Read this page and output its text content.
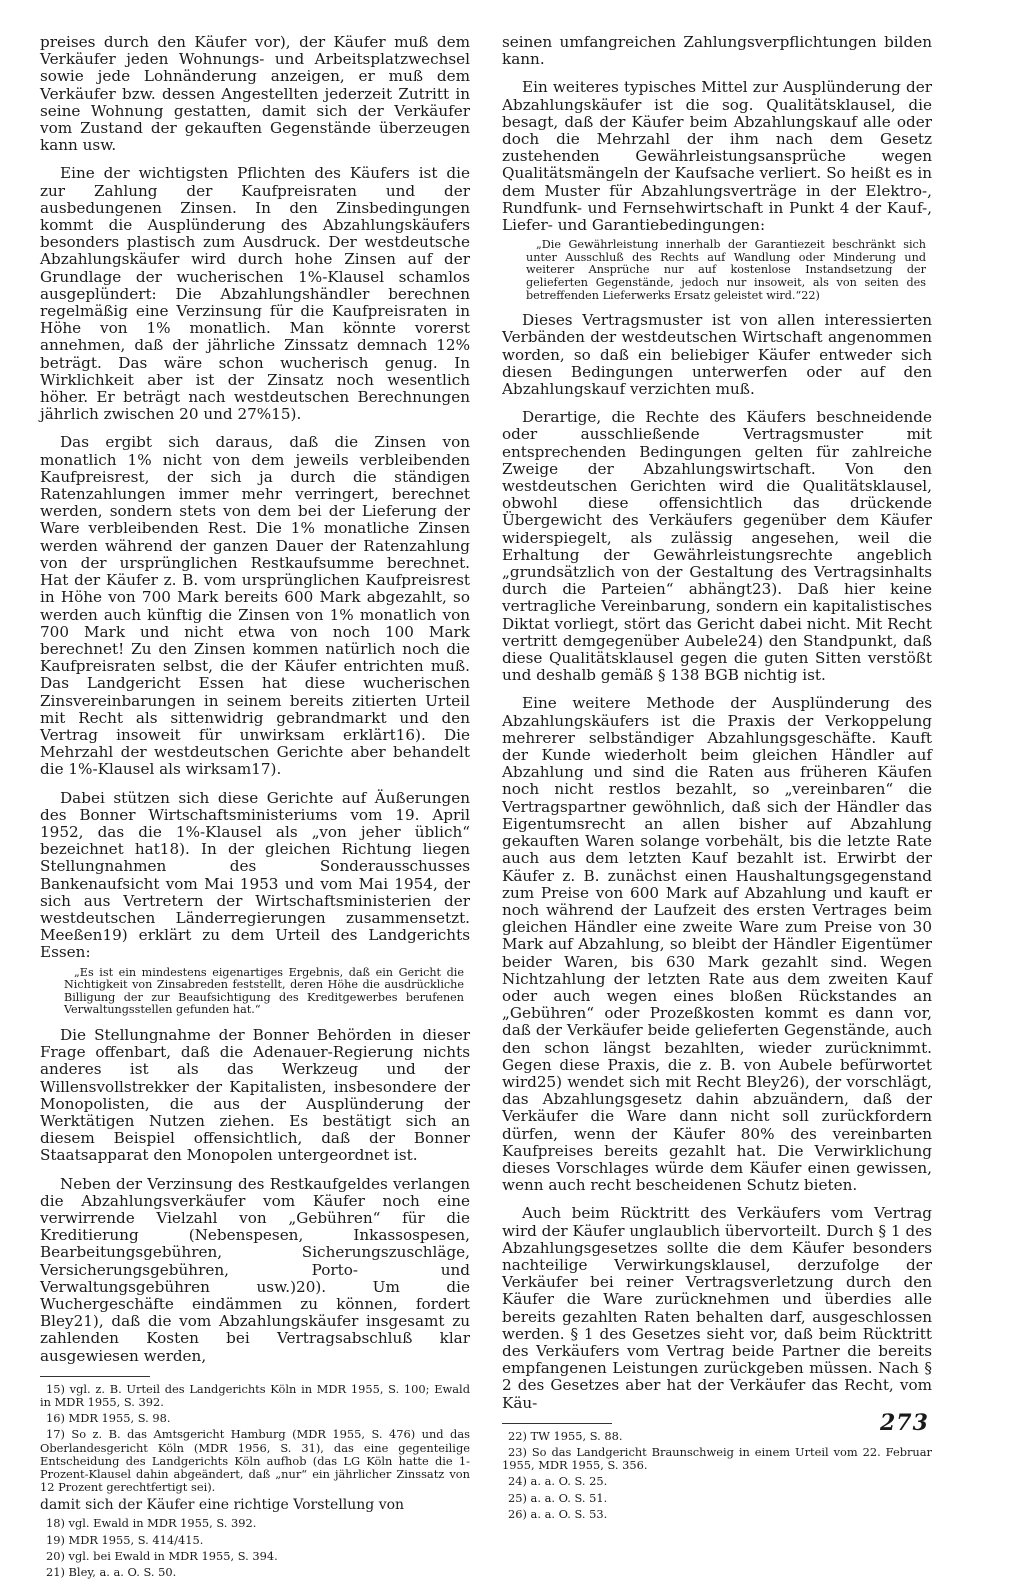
preises durch den Käufer vor), der Käufer muß dem Verkäufer jeden Wohnungs- und Arbeitsplatzwechsel sowie jede Lohnänderung anzeigen, er muß dem Verkäufer bzw. dessen Angestellten jederzeit Zutritt in seine Wohnung gestatten, damit sich der Verkäufer vom Zustand der gekauften Gegenstände überzeugen kann usw.

Eine der wichtigsten Pflichten des Käufers ist die zur Zahlung der Kaufpreisraten und der ausbedungenen Zinsen. In den Zinsbedingungen kommt die Ausplünderung des Abzahlungskäufers besonders plastisch zum Ausdruck. Der westdeutsche Abzahlungskäufer wird durch hohe Zinsen auf der Grundlage der wucherischen 1%-Klausel schamlos ausgeplündert: Die Abzahlungshändler berechnen regelmäßig eine Verzinsung für die Kaufpreisraten in Höhe von 1% monatlich. Man könnte vorerst annehmen, daß der jährliche Zinssatz demnach 12% beträgt. Das wäre schon wucherisch genug. In Wirklichkeit aber ist der Zinsatz noch wesentlich höher. Er beträgt nach westdeutschen Berechnungen jährlich zwischen 20 und 27%15).

Das ergibt sich daraus, daß die Zinsen von monatlich 1% nicht von dem jeweils verbleibenden Kaufpreisrest, der sich ja durch die ständigen Ratenzahlungen immer mehr verringert, berechnet werden, sondern stets von dem bei der Lieferung der Ware verbleibenden Rest. Die 1% monatliche Zinsen werden während der ganzen Dauer der Ratenzahlung von der ursprünglichen Restkaufsumme berechnet. Hat der Käufer z. B. vom ursprünglichen Kaufpreisrest in Höhe von 700 Mark bereits 600 Mark abgezahlt, so werden auch künftig die Zinsen von 1% monatlich von 700 Mark und nicht etwa von noch 100 Mark berechnet! Zu den Zinsen kommen natürlich noch die Kaufpreisraten selbst, die der Käufer entrichten muß. Das Landgericht Essen hat diese wucherischen Zinsvereinbarungen in seinem bereits zitierten Urteil mit Recht als sittenwidrig gebrandmarkt und den Vertrag insoweit für unwirksam erklärt16). Die Mehrzahl der westdeutschen Gerichte aber behandelt die 1%-Klausel als wirksam17).

Dabei stützen sich diese Gerichte auf Äußerungen des Bonner Wirtschaftsministeriums vom 19. April 1952, das die 1%-Klausel als „von jeher üblich“ bezeichnet hat18). In der gleichen Richtung liegen Stellungnahmen des Sonderausschusses Bankenaufsicht vom Mai 1953 und vom Mai 1954, der sich aus Vertretern der Wirtschaftsministerien der westdeutschen Länderregierungen zusammensetzt. Meeßen19) erklärt zu dem Urteil des Landgerichts Essen:

„Es ist ein mindestens eigenartiges Ergebnis, daß ein Gericht die Nichtigkeit von Zinsabreden feststellt, deren Höhe die ausdrückliche Billigung der zur Beaufsichtigung des Kreditgewerbes berufenen Verwaltungsstellen gefunden hat.“

Die Stellungnahme der Bonner Behörden in dieser Frage offenbart, daß die Adenauer-Regierung nichts anderes ist als das Werkzeug und der Willensvollstrekker der Kapitalisten, insbesondere der Monopolisten, die aus der Ausplünderung der Werktätigen Nutzen ziehen. Es bestätigt sich an diesem Beispiel offensichtlich, daß der Bonner Staatsapparat den Monopolen untergeordnet ist.

Neben der Verzinsung des Restkaufgeldes verlangen die Abzahlungsverkäufer vom Käufer noch eine verwirrende Vielzahl von „Gebühren“ für die Kreditierung (Nebenspesen, Inkassospesen, Bearbeitungsgebühren, Sicherungszuschläge, Versicherungsgebühren, Porto- und Verwaltungsgebühren usw.)20). Um die Wuchergeschäfte eindämmen zu können, fordert Bley21), daß die vom Abzahlungskäufer insgesamt zu zahlenden Kosten bei Vertragsabschluß klar ausgewiesen werden,

15) vgl. z. B. Urteil des Landgerichts Köln in MDR 1955, S. 100; Ewald in MDR 1955, S. 392.

16) MDR 1955, S. 98.

17) So z. B. das Amtsgericht Hamburg (MDR 1955, S. 476) und das Oberlandesgericht Köln (MDR 1956, S. 31), das eine gegenteilige Entscheidung des Landgerichts Köln aufhob (das LG Köln hatte die 1-Prozent-Klausel dahin abgeändert, daß „nur“ ein jährlicher Zinssatz von 12 Prozent gerechtfertigt sei).

damit sich der Käufer eine richtige Vorstellung von

18) vgl. Ewald in MDR 1955, S. 392.

19) MDR 1955, S. 414/415.

20) vgl. bei Ewald in MDR 1955, S. 394.

21) Bley, a. a. O. S. 50.

seinen umfangreichen Zahlungsverpflichtungen bilden kann.

Ein weiteres typisches Mittel zur Ausplünderung der Abzahlungskäufer ist die sog. Qualitätsklausel, die besagt, daß der Käufer beim Abzahlungskauf alle oder doch die Mehrzahl der ihm nach dem Gesetz zustehenden Gewährleistungsansprüche wegen Qualitätsmängeln der Kaufsache verliert. So heißt es in dem Muster für Abzahlungsverträge in der Elektro-, Rundfunk- und Fernsehwirtschaft in Punkt 4 der Kauf-, Liefer- und Garantiebedingungen:

„Die Gewährleistung innerhalb der Garantiezeit beschränkt sich unter Ausschluß des Rechts auf Wandlung oder Minderung und weiterer Ansprüche nur auf kostenlose Instandsetzung der gelieferten Gegenstände, jedoch nur insoweit, als von seiten des betreffenden Lieferwerks Ersatz geleistet wird.“22)

Dieses Vertragsmuster ist von allen interessierten Verbänden der westdeutschen Wirtschaft angenommen worden, so daß ein beliebiger Käufer entweder sich diesen Bedingungen unterwerfen oder auf den Abzahlungskauf verzichten muß.

Derartige, die Rechte des Käufers beschneidende oder ausschließende Vertragsmuster mit entsprechenden Bedingungen gelten für zahlreiche Zweige der Abzahlungswirtschaft. Von den westdeutschen Gerichten wird die Qualitätsklausel, obwohl diese offensichtlich das drückende Übergewicht des Verkäufers gegenüber dem Käufer widerspiegelt, als zulässig angesehen, weil die Erhaltung der Gewährleistungsrechte angeblich „grundsätzlich von der Gestaltung des Vertragsinhalts durch die Parteien“ abhängt23). Daß hier keine vertragliche Vereinbarung, sondern ein kapitalistisches Diktat vorliegt, stört das Gericht dabei nicht. Mit Recht vertritt demgegenüber Aubele24) den Standpunkt, daß diese Qualitätsklausel gegen die guten Sitten verstößt und deshalb gemäß § 138 BGB nichtig ist.

Eine weitere Methode der Ausplünderung des Abzahlungskäufers ist die Praxis der Verkoppelung mehrerer selbständiger Abzahlungsgeschäfte. Kauft der Kunde wiederholt beim gleichen Händler auf Abzahlung und sind die Raten aus früheren Käufen noch nicht restlos bezahlt, so „vereinbaren“ die Vertragspartner gewöhnlich, daß sich der Händler das Eigentumsrecht an allen bisher auf Abzahlung gekauften Waren solange vorbehält, bis die letzte Rate auch aus dem letzten Kauf bezahlt ist. Erwirbt der Käufer z. B. zunächst einen Haushaltungsgegenstand zum Preise von 600 Mark auf Abzahlung und kauft er noch während der Laufzeit des ersten Vertrages beim gleichen Händler eine zweite Ware zum Preise von 30 Mark auf Abzahlung, so bleibt der Händler Eigentümer beider Waren, bis 630 Mark gezahlt sind. Wegen Nichtzahlung der letzten Rate aus dem zweiten Kauf oder auch wegen eines bloßen Rückstandes an „Gebühren“ oder Prozeßkosten kommt es dann vor, daß der Verkäufer beide gelieferten Gegenstände, auch den schon längst bezahlten, wieder zurücknimmt. Gegen diese Praxis, die z. B. von Aubele befürwortet wird25) wendet sich mit Recht Bley26), der vorschlägt, das Abzahlungsgesetz dahin abzuändern, daß der Verkäufer die Ware dann nicht soll zurückfordern dürfen, wenn der Käufer 80% des vereinbarten Kaufpreises bereits gezahlt hat. Die Verwirklichung dieses Vorschlages würde dem Käufer einen gewissen, wenn auch recht bescheidenen Schutz bieten.

Auch beim Rücktritt des Verkäufers vom Vertrag wird der Käufer unglaublich übervorteilt. Durch § 1 des Abzahlungsgesetzes sollte die dem Käufer besonders nachteilige Verwirkungsklausel, derzufolge der Verkäufer bei reiner Vertragsverletzung durch den Käufer die Ware zurücknehmen und überdies alle bereits gezahlten Raten behalten darf, ausgeschlossen werden. § 1 des Gesetzes sieht vor, daß beim Rücktritt des Verkäufers vom Vertrag beide Partner die bereits empfangenen Leistungen zurückgeben müssen. Nach § 2 des Gesetzes aber hat der Verkäufer das Recht, vom Käu-

22) TW 1955, S. 88.

23) So das Landgericht Braunschweig in einem Urteil vom 22. Februar 1955, MDR 1955, S. 356.

24) a. a. O. S. 25.

25) a. a. O. S. 51.

26) a. a. O. S. 53.

273
